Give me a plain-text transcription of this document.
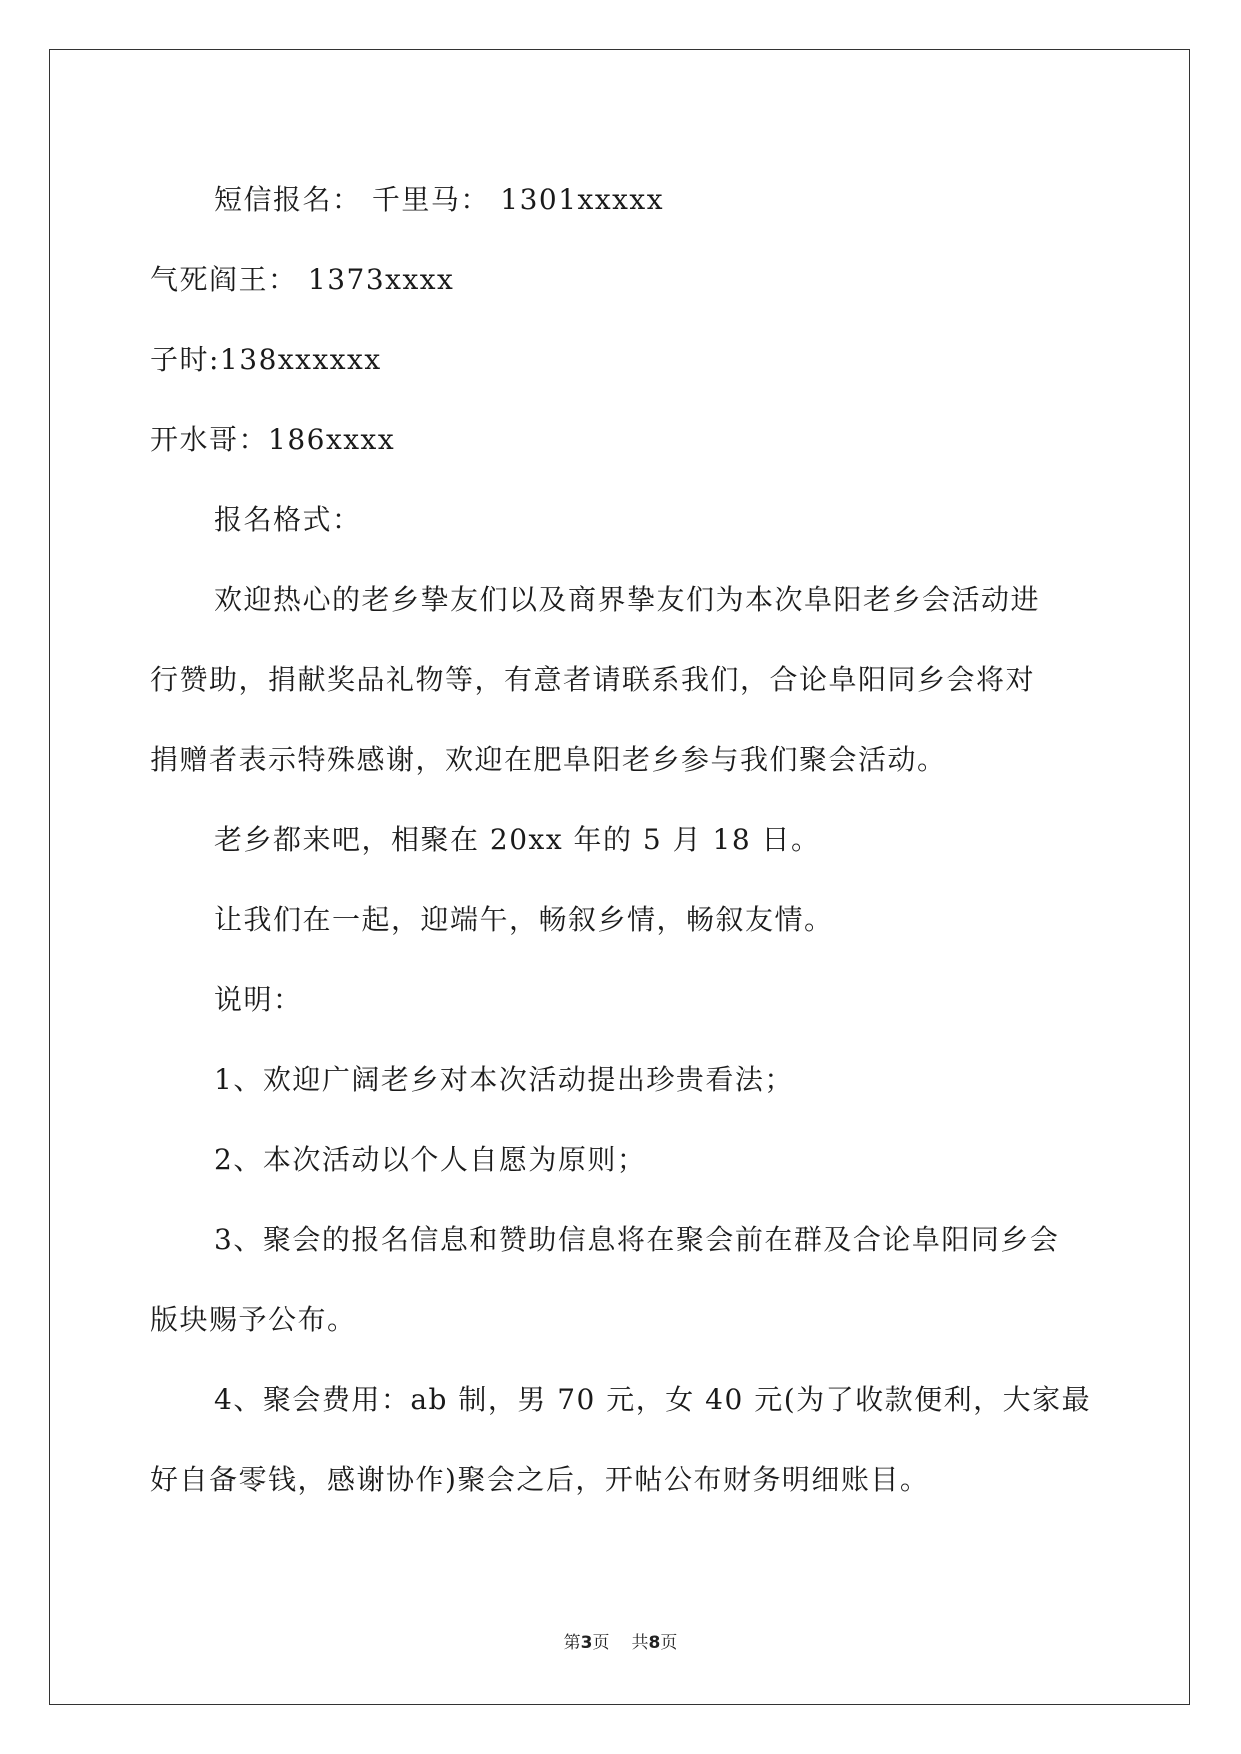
短信报名： 千里马： 1301xxxxx
气死阎王： 1373xxxx
子时:138xxxxxx
开水哥：186xxxx
报名格式：
欢迎热心的老乡挚友们以及商界挚友们为本次阜阳老乡会活动进
行赞助，捐献奖品礼物等，有意者请联系我们，合论阜阳同乡会将对
捐赠者表示特殊感谢，欢迎在肥阜阳老乡参与我们聚会活动。
老乡都来吧，相聚在 20xx 年的 5 月 18 日。
让我们在一起，迎端午，畅叙乡情，畅叙友情。
说明：
1、欢迎广阔老乡对本次活动提出珍贵看法；
2、本次活动以个人自愿为原则；
3、聚会的报名信息和赞助信息将在聚会前在群及合论阜阳同乡会
版块赐予公布。
4、聚会费用：ab 制，男 70 元，女 40 元(为了收款便利，大家最
好自备零钱，感谢协作)聚会之后，开帖公布财务明细账目。
第3页 共8页
